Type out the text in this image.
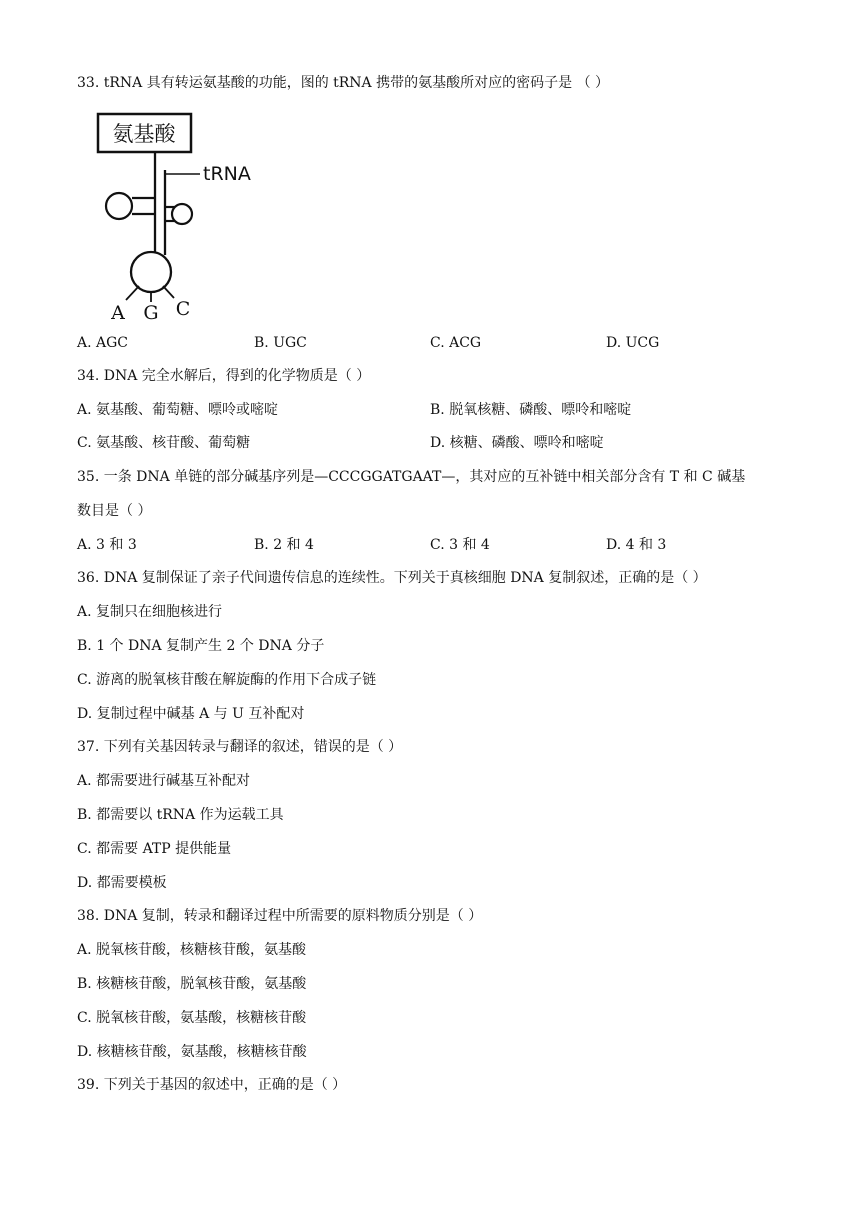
33. tRNA 具有转运氨基酸的功能，图的 tRNA 携带的氨基酸所对应的密码子是 （ ）
氨基酸
tRNA
A G C
A. AGC	B. UGC	C. ACG	D. UCG
34. DNA 完全水解后，得到的化学物质是（ ）
A. 氨基酸、葡萄糖、嘌呤或嘧啶	B. 脱氧核糖、磷酸、嘌呤和嘧啶
C. 氨基酸、核苷酸、葡萄糖	D. 核糖、磷酸、嘌呤和嘧啶
35. 一条 DNA 单链的部分碱基序列是—CCCGGATGAAT—，其对应的互补链中相关部分含有 T 和 C 碱基
数目是（ ）
A. 3 和 3	B. 2 和 4	C. 3 和 4	D. 4 和 3
36. DNA 复制保证了亲子代间遗传信息的连续性。下列关于真核细胞 DNA 复制叙述，正确的是（ ）
A. 复制只在细胞核进行
B. 1 个 DNA 复制产生 2 个 DNA 分子
C. 游离的脱氧核苷酸在解旋酶的作用下合成子链
D. 复制过程中碱基 A 与 U 互补配对
37. 下列有关基因转录与翻译的叙述，错误的是（ ）
A. 都需要进行碱基互补配对
B. 都需要以 tRNA 作为运载工具
C. 都需要 ATP 提供能量
D. 都需要模板
38. DNA 复制，转录和翻译过程中所需要的原料物质分别是（ ）
A. 脱氧核苷酸，核糖核苷酸，氨基酸
B. 核糖核苷酸，脱氧核苷酸，氨基酸
C. 脱氧核苷酸，氨基酸，核糖核苷酸
D. 核糖核苷酸，氨基酸，核糖核苷酸
39. 下列关于基因的叙述中，正确的是（ ）
